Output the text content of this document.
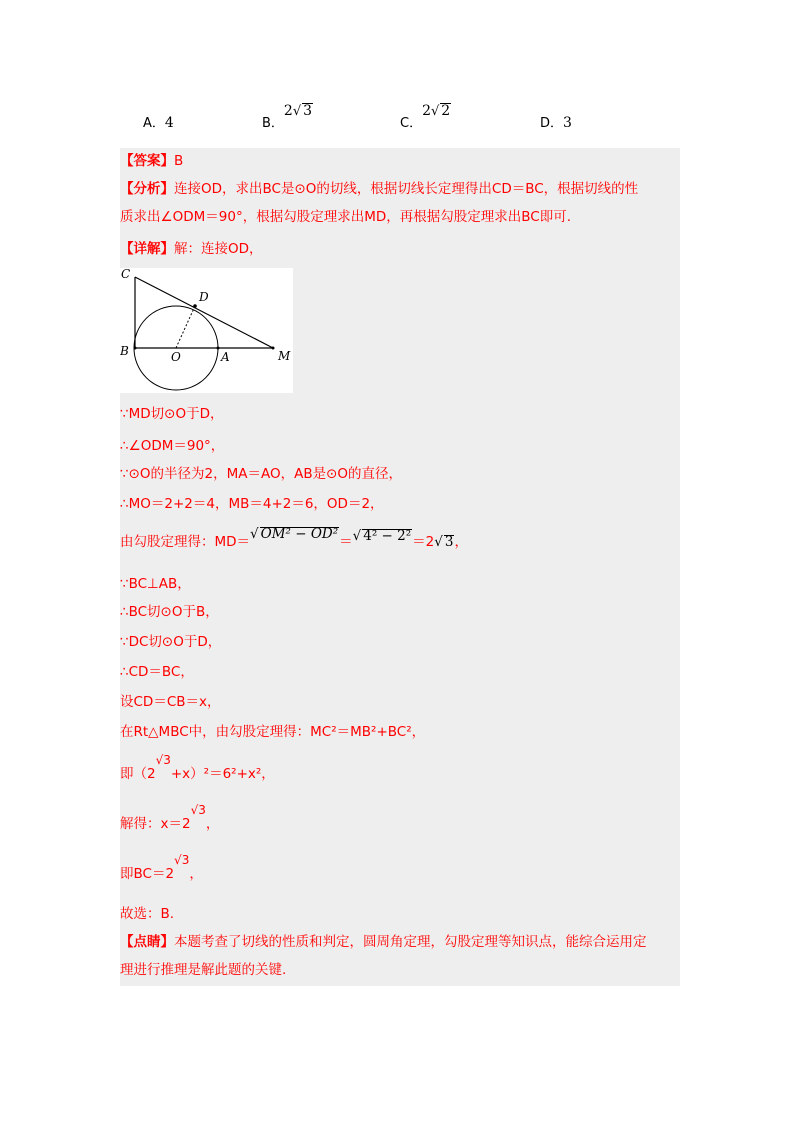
A．4	B．2√ 3
C．2√ 2
D．3
【答案】B
【分析】连接OD，求出BC是⊙O的切线，根据切线长定理得出CD＝BC，根据切线的性
质求出∠ODM＝90°，根据勾股定理求出MD，再根据勾股定理求出BC即可.
【详解】解：连接OD，
C
D
B	O	A	M
∵MD切⊙O于D，
∴∠ODM＝90°，
∵⊙O的半径为2，MA＝AO，AB是⊙O的直径，
∴MO＝2+2＝4，MB＝4+2＝6，OD＝2，
由勾股定理得：MD＝√ OM² − OD²＝√ 4² − 2²＝2√ 3，
∵BC⊥AB，
∴BC切⊙O于B，
∵DC切⊙O于D，
∴CD＝BC，
设CD＝CB＝x，
在Rt△MBC中，由勾股定理得：MC²＝MB²+BC²，
即（2√3+x）²＝6²+x²，
解得：x＝2√3，
即BC＝2√3，
故选：B.
【点睛】本题考查了切线的性质和判定，圆周角定理，勾股定理等知识点，能综合运用定
理进行推理是解此题的关键.
